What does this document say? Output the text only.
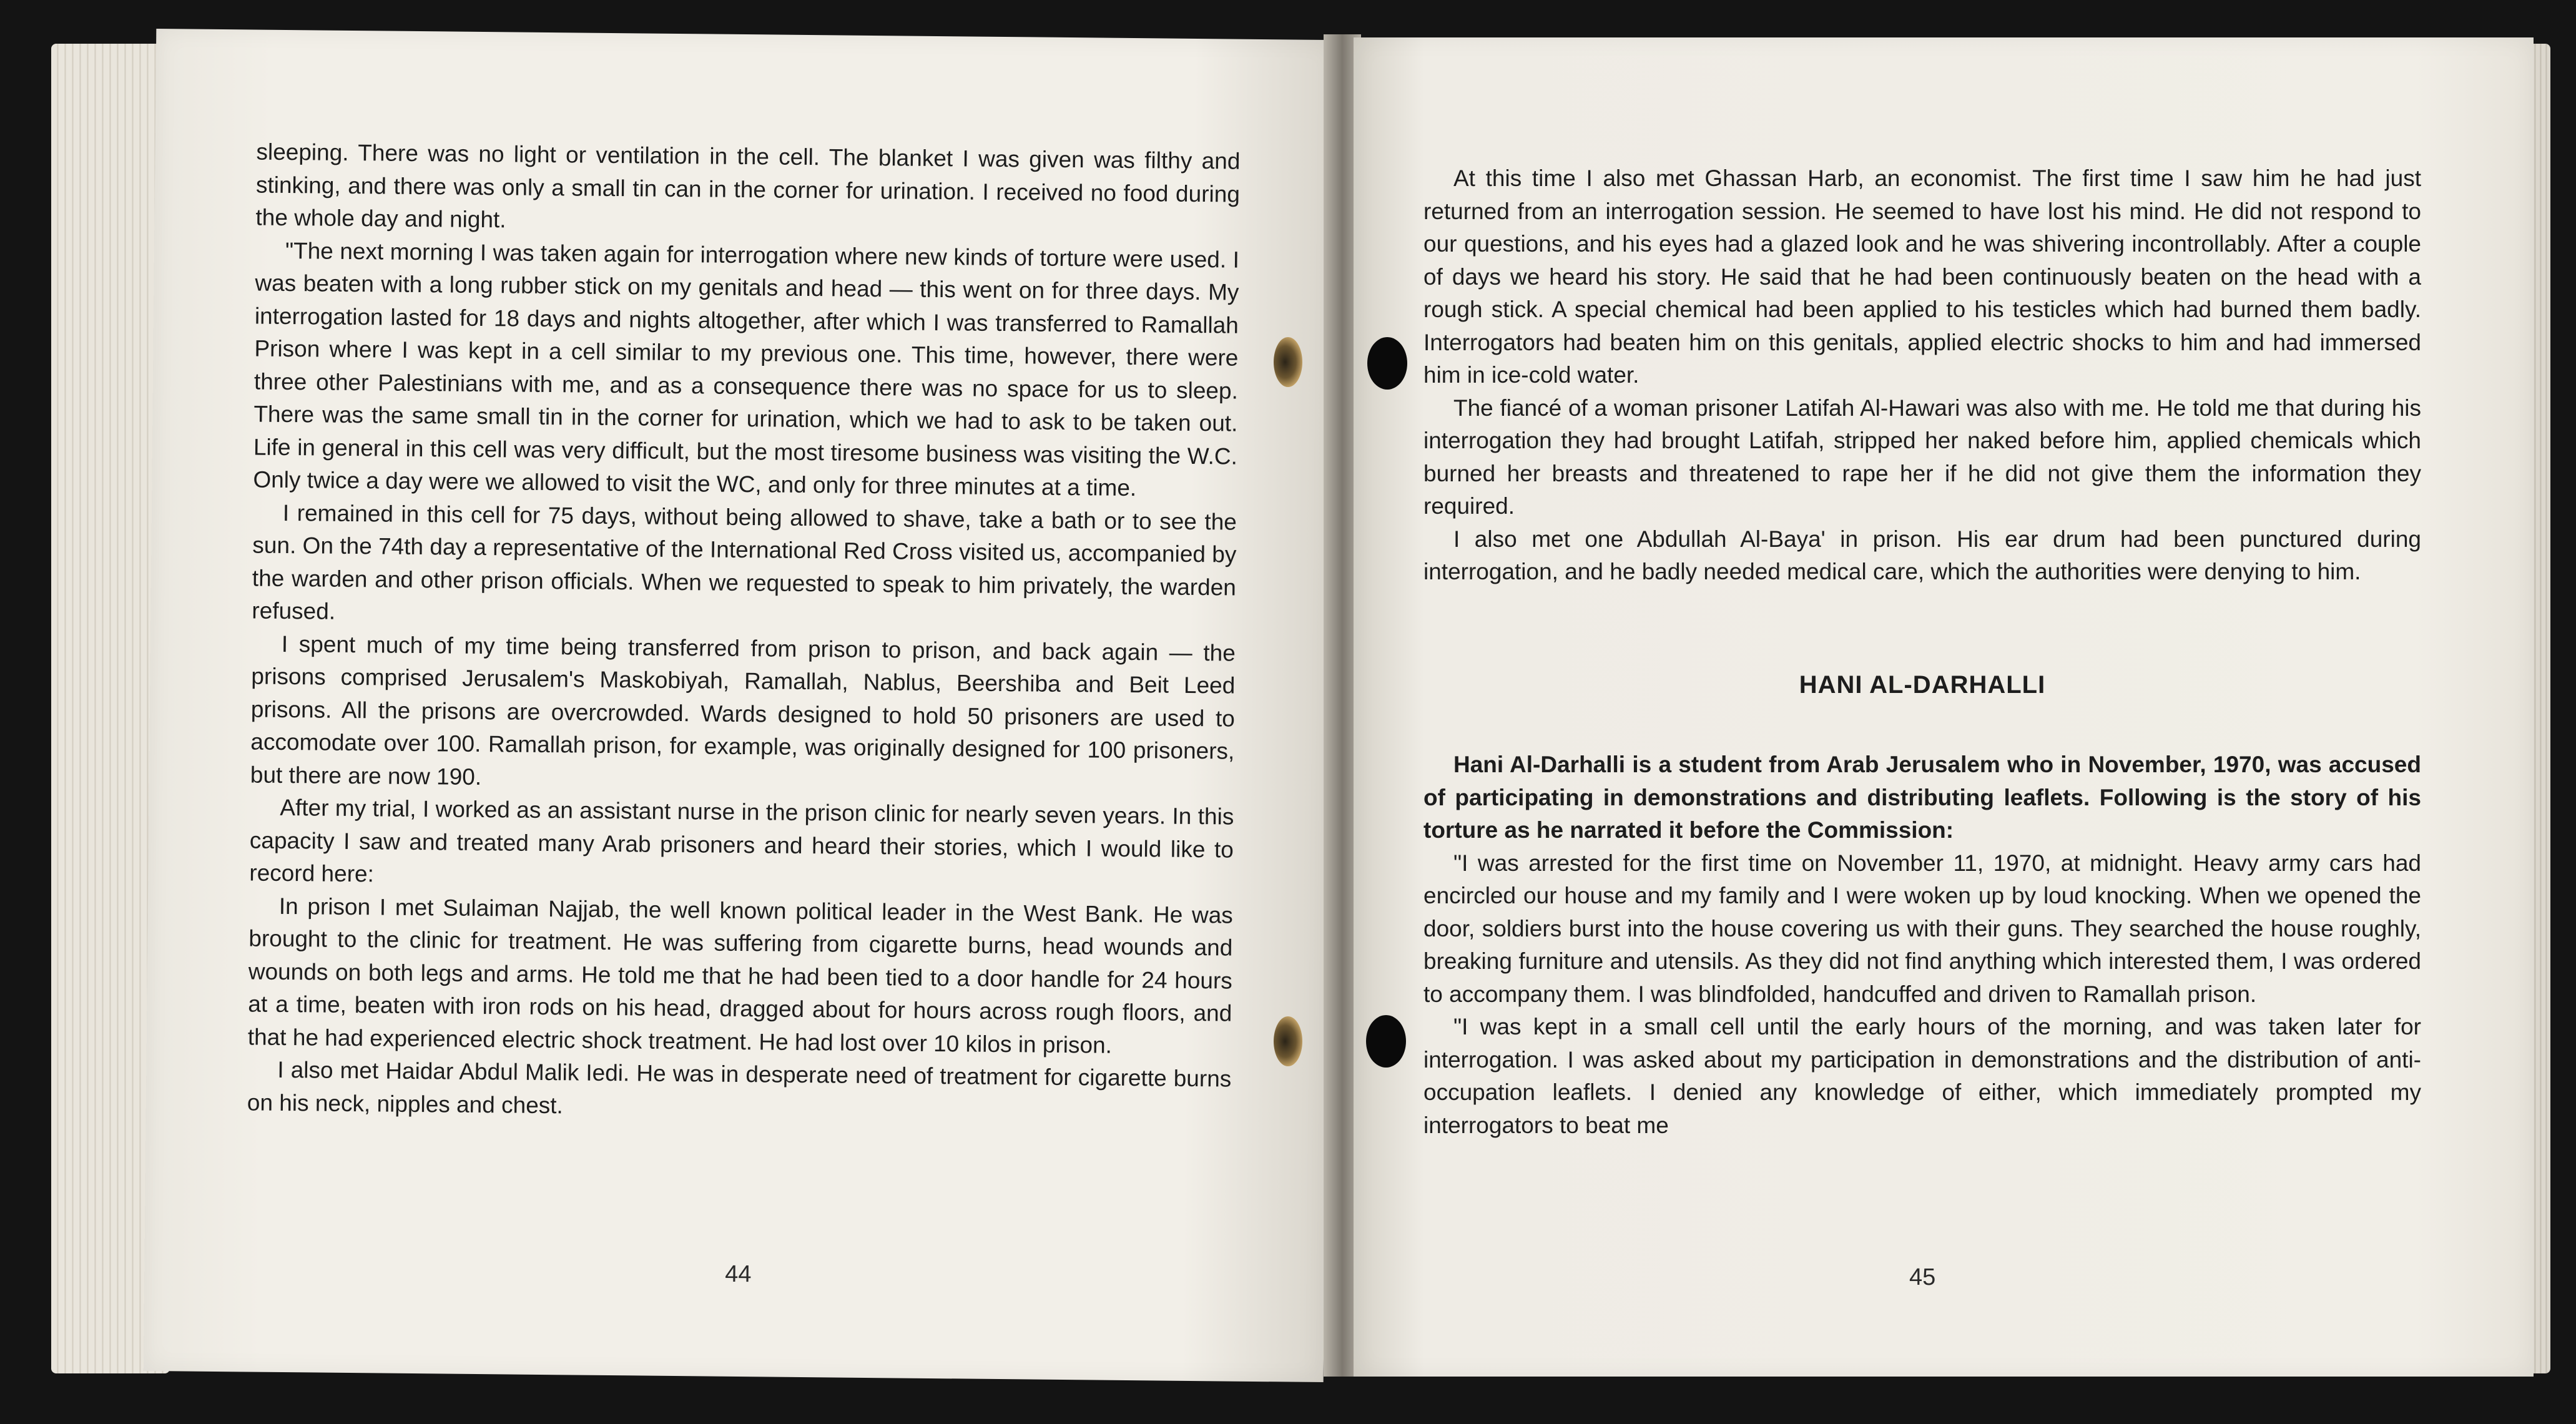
sleeping. There was no light or ventilation in the cell. The blanket I was given was filthy and stinking, and there was only a small tin can in the corner for urination. I received no food during the whole day and night.

"The next morning I was taken again for interrogation where new kinds of torture were used. I was beaten with a long rubber stick on my genitals and head — this went on for three days. My interrogation lasted for 18 days and nights altogether, after which I was transferred to Ramallah Prison where I was kept in a cell similar to my previous one. This time, however, there were three other Palestinians with me, and as a consequence there was no space for us to sleep. There was the same small tin in the corner for urination, which we had to ask to be taken out. Life in general in this cell was very difficult, but the most tiresome business was visiting the W.C. Only twice a day were we allowed to visit the WC, and only for three minutes at a time.

I remained in this cell for 75 days, without being allowed to shave, take a bath or to see the sun. On the 74th day a representative of the International Red Cross visited us, accompanied by the warden and other prison officials. When we requested to speak to him privately, the warden refused.

I spent much of my time being transferred from prison to prison, and back again — the prisons comprised Jerusalem's Maskobiyah, Ramallah, Nablus, Beershiba and Beit Leed prisons. All the prisons are overcrowded. Wards designed to hold 50 prisoners are used to accomodate over 100. Ramallah prison, for example, was originally designed for 100 prisoners, but there are now 190.

After my trial, I worked as an assistant nurse in the prison clinic for nearly seven years. In this capacity I saw and treated many Arab prisoners and heard their stories, which I would like to record here:

In prison I met Sulaiman Najjab, the well known political leader in the West Bank. He was brought to the clinic for treatment. He was suffering from cigarette burns, head wounds and wounds on both legs and arms. He told me that he had been tied to a door handle for 24 hours at a time, beaten with iron rods on his head, dragged about for hours across rough floors, and that he had experienced electric shock treatment. He had lost over 10 kilos in prison.

I also met Haidar Abdul Malik Iedi. He was in desperate need of treatment for cigarette burns on his neck, nipples and chest.

44

At this time I also met Ghassan Harb, an economist. The first time I saw him he had just returned from an interrogation session. He seemed to have lost his mind. He did not respond to our questions, and his eyes had a glazed look and he was shivering incontrollably. After a couple of days we heard his story. He said that he had been continuously beaten on the head with a rough stick. A special chemical had been applied to his testicles which had burned them badly. Interrogators had beaten him on this genitals, applied electric shocks to him and had immersed him in ice-cold water.

The fiancé of a woman prisoner Latifah Al-Hawari was also with me. He told me that during his interrogation they had brought Latifah, stripped her naked before him, applied chemicals which burned her breasts and threatened to rape her if he did not give them the information they required.

I also met one Abdullah Al-Baya' in prison. His ear drum had been punctured during interrogation, and he badly needed medical care, which the authorities were denying to him.

HANI AL-DARHALLI

Hani Al-Darhalli is a student from Arab Jerusalem who in November, 1970, was accused of participating in demonstrations and distributing leaflets. Following is the story of his torture as he narrated it before the Commission:

"I was arrested for the first time on November 11, 1970, at midnight. Heavy army cars had encircled our house and my family and I were woken up by loud knocking. When we opened the door, soldiers burst into the house covering us with their guns. They searched the house roughly, breaking furniture and utensils. As they did not find anything which interested them, I was ordered to accompany them. I was blindfolded, handcuffed and driven to Ramallah prison.

"I was kept in a small cell until the early hours of the morning, and was taken later for interrogation. I was asked about my participation in demonstrations and the distribution of anti-occupation leaflets. I denied any knowledge of either, which immediately prompted my interrogators to beat me

45
